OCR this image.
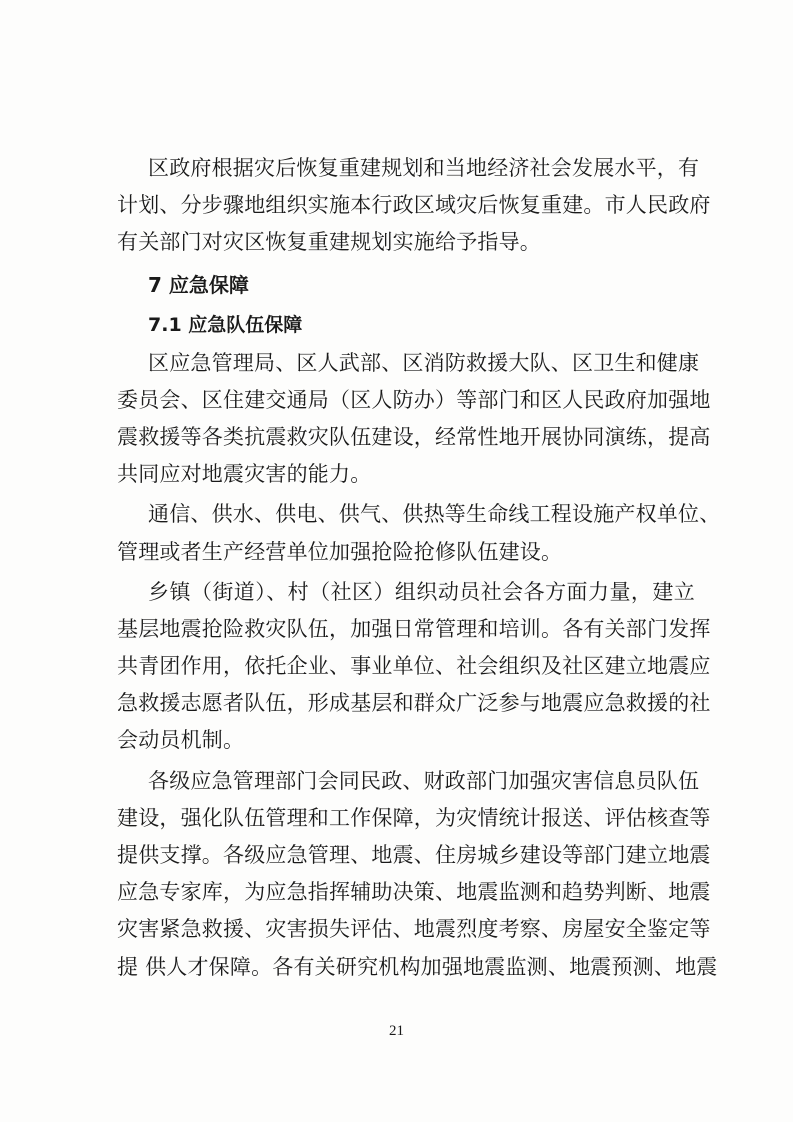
区政府根据灾后恢复重建规划和当地经济社会发展水平，有
计划、分步骤地组织实施本行政区域灾后恢复重建。市人民政府
有关部门对灾区恢复重建规划实施给予指导。
7 应急保障
7.1 应急队伍保障
区应急管理局、区人武部、区消防救援大队、区卫生和健康
委员会、区住建交通局（区人防办）等部门和区人民政府加强地
震救援等各类抗震救灾队伍建设，经常性地开展协同演练，提高
共同应对地震灾害的能力。
通信、供水、供电、供气、供热等生命线工程设施产权单位、
管理或者生产经营单位加强抢险抢修队伍建设。
乡镇（街道）、村（社区）组织动员社会各方面力量，建立
基层地震抢险救灾队伍，加强日常管理和培训。各有关部门发挥
共青团作用，依托企业、事业单位、社会组织及社区建立地震应
急救援志愿者队伍，形成基层和群众广泛参与地震应急救援的社
会动员机制。
各级应急管理部门会同民政、财政部门加强灾害信息员队伍
建设，强化队伍管理和工作保障，为灾情统计报送、评估核查等
提供支撑。各级应急管理、地震、住房城乡建设等部门建立地震
应急专家库，为应急指挥辅助决策、地震监测和趋势判断、地震
灾害紧急救援、灾害损失评估、地震烈度考察、房屋安全鉴定等
提 供人才保障。各有关研究机构加强地震监测、地震预测、地震
21
